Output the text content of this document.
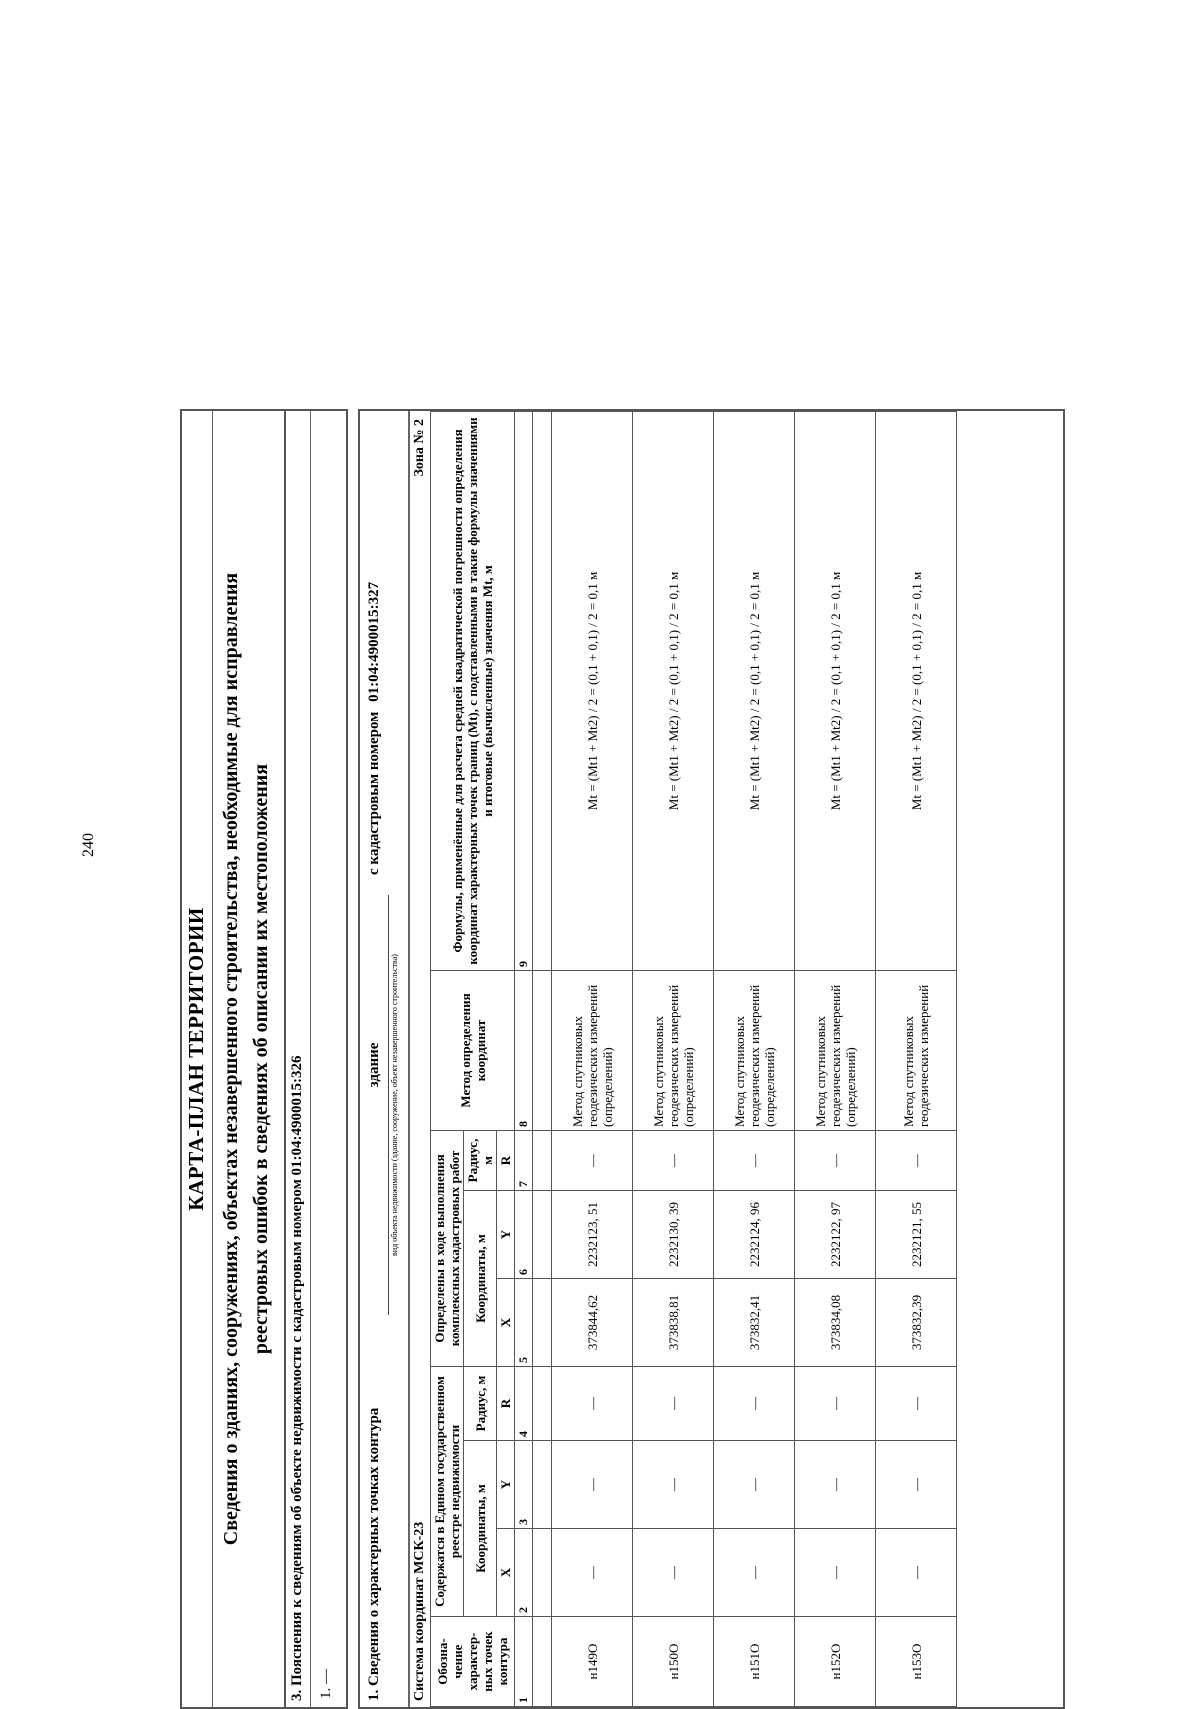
240
КАРТА-ПЛАН ТЕРРИТОРИИ Сведения о зданиях, сооружениях, объектах незавершенного строительства, необходимые для исправления реестровых ошибок в сведениях об описании их местоположения 3. Пояснения к сведениям об объекте недвижимости с кадастровым номером 01:04:4900015:326 1. — 1. Сведения о характерных точках контура
здание вид объекта недвижимости (здание, сооружение, объект незавершенного строительства)
с кадастровым номером 01:04:4900015:327
Система координат МСК-23
Зона № 2
Обозна- чение характер- ных точек контура	Содержатся в Едином государственном реестре недвижимости			Определены в ходе выполнения комплексных кадастровых работ			Метод определения координат	Формулы, применённые для расчета средней квадратической погрешности определения координат характерных точек границ (Mt), с подставленными в такие формулы значениями и итоговые (вычисленные) значения Mt, м
	Координаты, м		Радиус, м	Координаты, м		Радиус, м		
	X	Y	R	X	Y	R		
1	2	3	4	5	6	7	8	9

н149О	—	—	—	373844,62	2232123, 51	—	Метод спутниковых геодезических измерений (определений)	Mt = (Mt1 + Mt2) / 2 = (0,1 + 0,1) / 2 = 0,1 м
н150О	—	—	—	373838,81	2232130, 39	—	Метод спутниковых геодезических измерений (определений)	Mt = (Mt1 + Mt2) / 2 = (0,1 + 0,1) / 2 = 0,1 м
н151О	—	—	—	373832,41	2232124, 96	—	Метод спутниковых геодезических измерений (определений)	Mt = (Mt1 + Mt2) / 2 = (0,1 + 0,1) / 2 = 0,1 м
н152О	—	—	—	373834,08	2232122, 97	—	Метод спутниковых геодезических измерений (определений)	Mt = (Mt1 + Mt2) / 2 = (0,1 + 0,1) / 2 = 0,1 м
н153О	—	—	—	373832,39	2232121, 55	—	Метод спутниковых геодезических измерений	Mt = (Mt1 + Mt2) / 2 = (0,1 + 0,1) / 2 = 0,1 м
